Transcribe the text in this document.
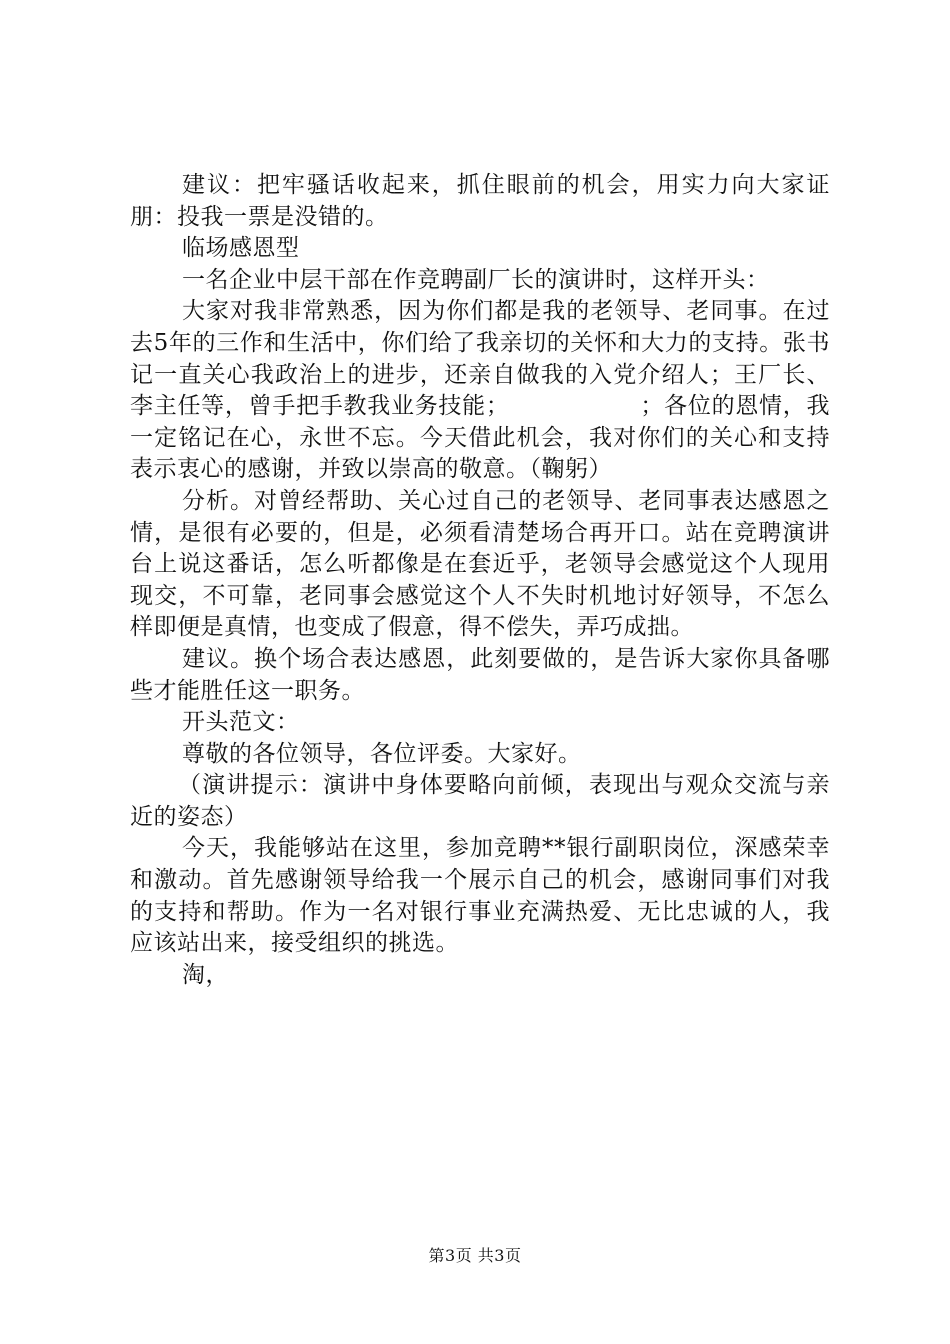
建议：把牢骚话收起来，抓住眼前的机会，用实力向大家证朋：投我一票是没错的。

临场感恩型

一名企业中层干部在作竞聘副厂长的演讲时，这样开头：

大家对我非常熟悉，因为你们都是我的老领导、老同事。在过去5年的三作和生活中，你们给了我亲切的关怀和大力的支持。张书记一直关心我政治上的进步，还亲自做我的入党介绍人；王厂长、李主任等，曾手把手教我业务技能；　　　　　　；各位的恩情，我一定铭记在心，永世不忘。今天借此机会，我对你们的关心和支持表示衷心的感谢，并致以崇高的敬意。（鞠躬）

分析。对曾经帮助、关心过自己的老领导、老同事表达感恩之情，是很有必要的，但是，必须看清楚场合再开口。站在竞聘演讲台上说这番话，怎么听都像是在套近乎，老领导会感觉这个人现用现交，不可靠，老同事会感觉这个人不失时机地讨好领导，不怎么样即便是真情，也变成了假意，得不偿失，弄巧成拙。

建议。换个场合表达感恩，此刻要做的，是告诉大家你具备哪些才能胜任这一职务。

开头范文：

尊敬的各位领导，各位评委。大家好。

（演讲提示：演讲中身体要略向前倾，表现出与观众交流与亲近的姿态）

今天，我能够站在这里，参加竞聘**银行副职岗位，深感荣幸和激动。首先感谢领导给我一个展示自己的机会，感谢同事们对我的支持和帮助。作为一名对银行事业充满热爱、无比忠诚的人，我应该站出来，接受组织的挑选。

淘，

第3页 共3页
